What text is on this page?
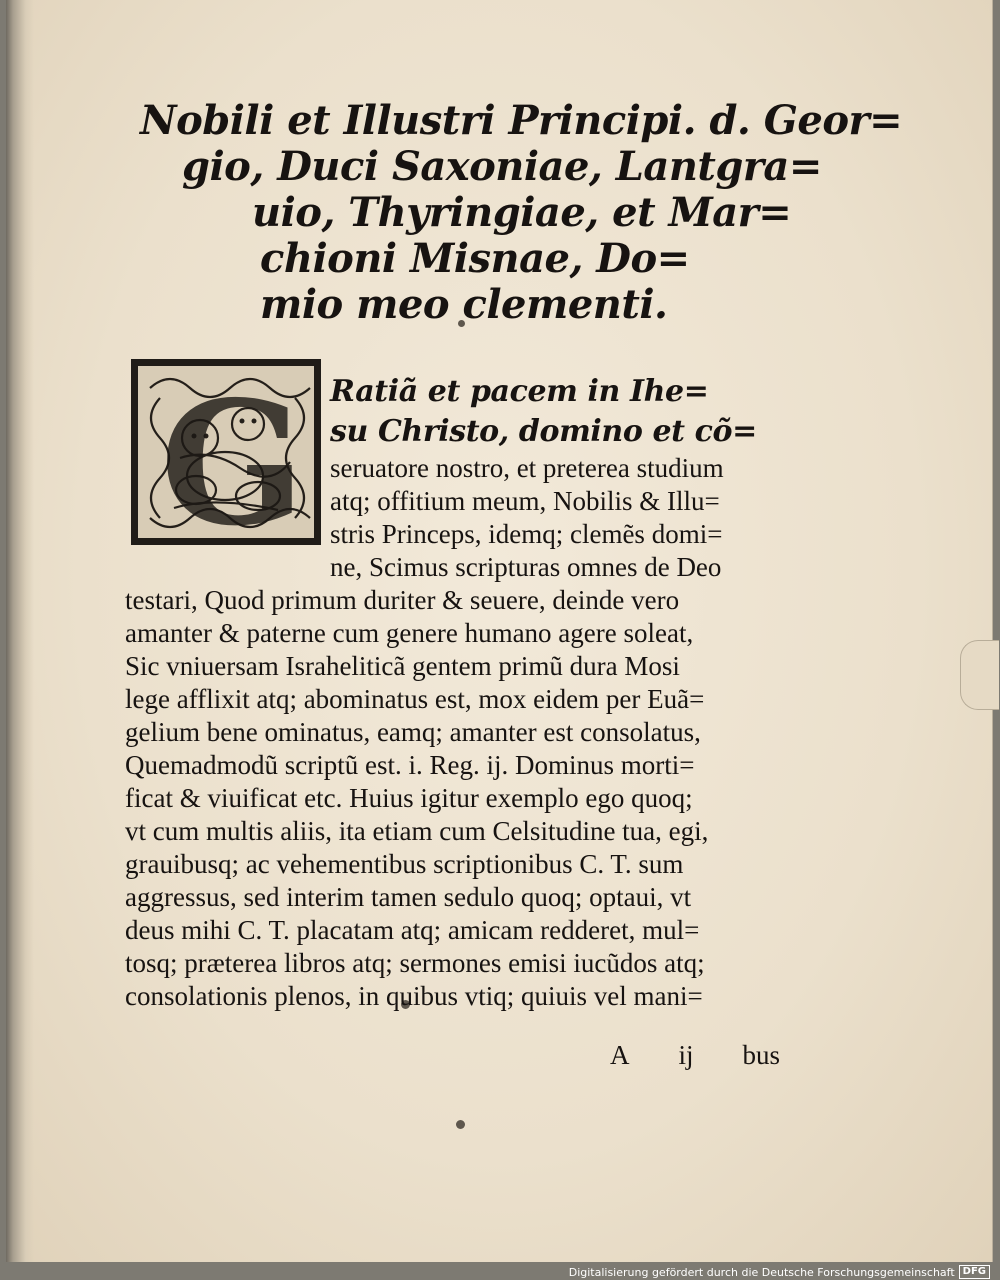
Nobili et Illustri Principi. d. Geor=
gio, Duci Saxoniae, Lantgra=
uio, Thyringiae, et Mar=
chioni Misnae, Do=
mio meo clementi.
G Ratiã et pacem in Ihe=
su Christo, domino et cõ=
seruatore nostro, et preterea studium
atq; offitium meum, Nobilis & Illu=
stris Princeps, idemq; clemẽs domi=
ne, Scimus scripturas omnes de Deo
testari, Quod primum duriter & seuere, deinde vero
amanter & paterne cum genere humano agere soleat,
Sic vniuersam Israheliticã gentem primũ dura Mosi
lege afflixit atq; abominatus est, mox eidem per Euã=
gelium bene ominatus, eamq; amanter est consolatus,
Quemadmodũ scriptũ est. i. Reg. ij. Dominus morti=
ficat & viuificat etc. Huius igitur exemplo ego quoq;
vt cum multis aliis, ita etiam cum Celsitudine tua, egi,
grauibusq; ac vehementibus scriptionibus C. T. sum
aggressus, sed interim tamen sedulo quoq; optaui, vt
deus mihi C. T. placatam atq; amicam redderet, mul=
tosq; præterea libros atq; sermones emisi iucũdos atq;
consolationis plenos, in quibus vtiq; quiuis vel mani=
A ij bus
Digitalisierung gefördert durch die Deutsche Forschungsgemeinschaft DFG
